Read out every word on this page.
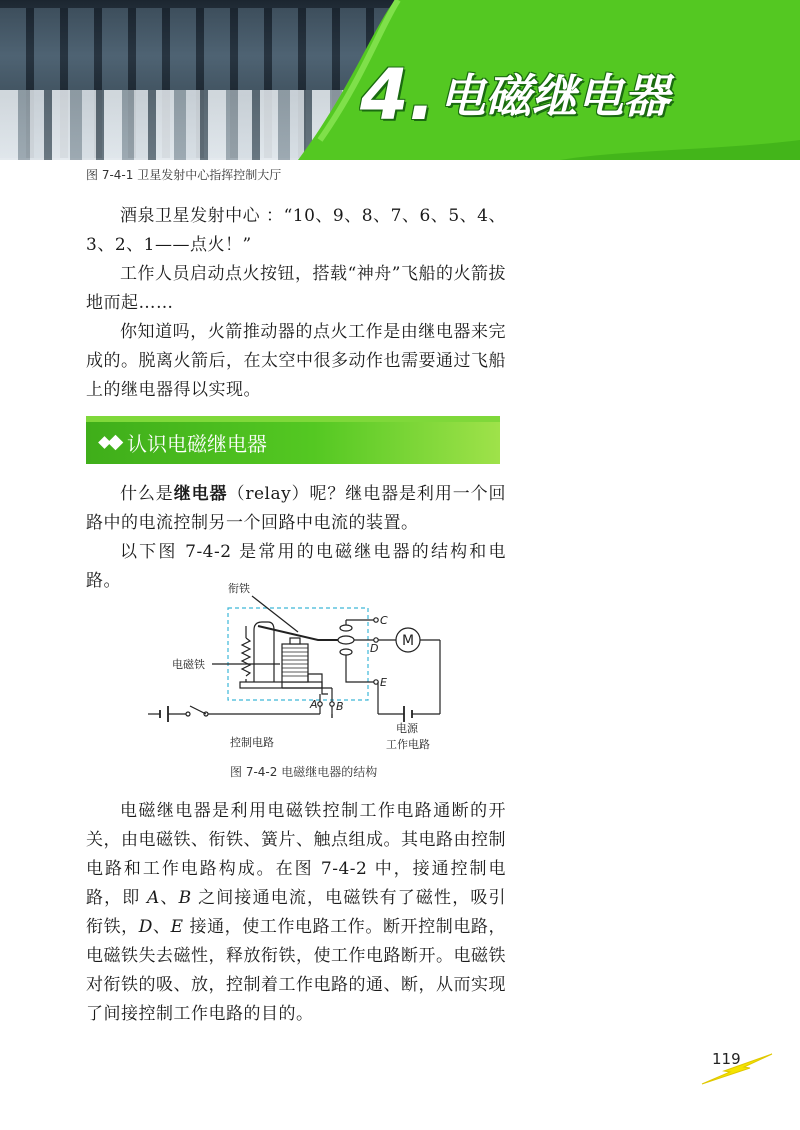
4. 电磁继电器
图 7-4-1 卫星发射中心指挥控制大厅

酒泉卫星发射中心 ：“10、9、8、7、6、5、4、3、2、1——点火！”

工作人员启动点火按钮，搭载“神舟”飞船的火箭拔地而起……

你知道吗，火箭推动器的点火工作是由继电器来完成的。脱离火箭后，在太空中很多动作也需要通过飞船上的继电器得以实现。

认识电磁继电器

什么是继电器（relay）呢？继电器是利用一个回路中的电流控制另一个回路中电流的装置。

以下图 7-4-2 是常用的电磁继电器的结构和电路。	衔铁
电磁铁
C
D
E
A B
M
电源
控制电路	工作电路
图 7-4-2 电磁继电器的结构

电磁继电器是利用电磁铁控制工作电路通断的开关，由电磁铁、衔铁、簧片、触点组成。其电路由控制电路和工作电路构成。在图 7-4-2 中，接通控制电路，即 A、B 之间接通电流，电磁铁有了磁性，吸引衔铁，D、E 接通，使工作电路工作。断开控制电路，电磁铁失去磁性，释放衔铁，使工作电路断开。电磁铁对衔铁的吸、放，控制着工作电路的通、断，从而实现了间接控制工作电路的目的。

119
